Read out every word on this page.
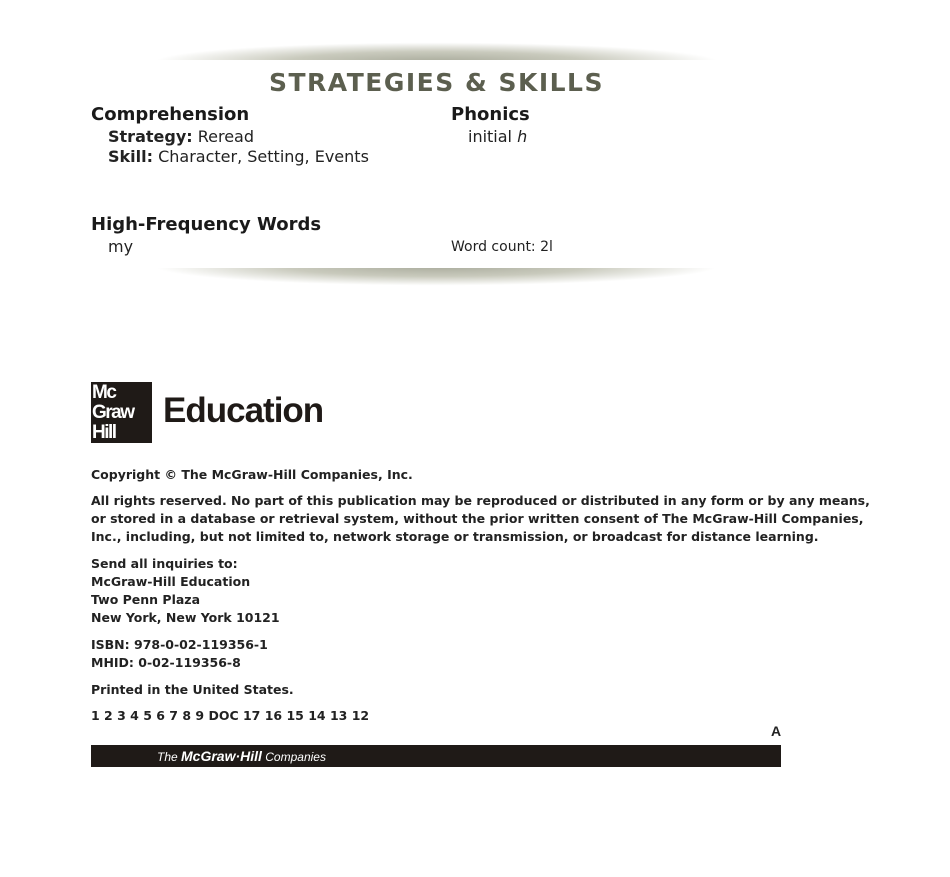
STRATEGIES & SKILLS
Comprehension
Strategy: Reread
Skill: Character, Setting, Events
Phonics
initial h
High-Frequency Words
my	Word count: 2l
Mc
Graw
Hill
Education
Copyright © The McGraw-Hill Companies, Inc.
All rights reserved. No part of this publication may be reproduced or distributed in any form or by any means,
or stored in a database or retrieval system, without the prior written consent of The McGraw-Hill Companies,
Inc., including, but not limited to, network storage or transmission, or broadcast for distance learning.
Send all inquiries to:
McGraw-Hill Education
Two Penn Plaza
New York, New York 10121
ISBN: 978-0-02-119356-1
MHID: 0-02-119356-8
Printed in the United States.
1 2 3 4 5 6 7 8 9 DOC 17 16 15 14 13 12
A
The McGraw·Hill Companies
